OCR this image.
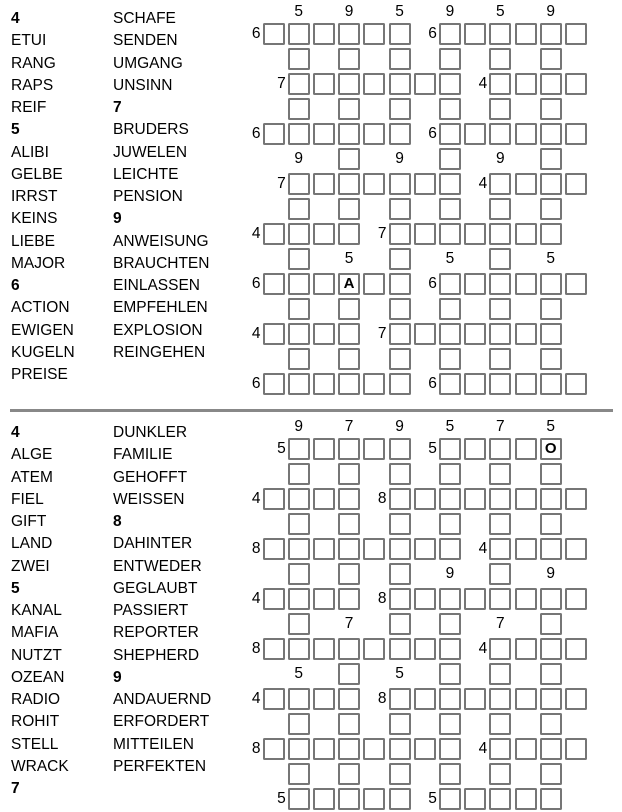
4
ETUI
RANG
RAPS
REIF
5
ALIBI
GELBE
IRRST
KEINS
LIEBE
MAJOR
6
ACTION
EWIGEN
KUGELN
PREISE
SCHAFE
SENDEN
UMGANG
UNSINN
7
BRUDERS
JUWELEN
LEICHTE
PENSION
9
ANWEISUNG
BRAUCHTEN
EINLASSEN
EMPFEHLEN
EXPLOSION
REINGEHEN
5	9	5	9	5	9
6	6
7	4
6	6
9	9	9
7	4
4	7
5	5	5
6	A	6
4	7
6	6
4
ALGE
ATEM
FIEL
GIFT
LAND
ZWEI
5
KANAL
MAFIA
NUTZT
OZEAN
RADIO
ROHIT
STELL
WRACK
7
DUNKLER
FAMILIE
GEHOFFT
WEISSEN
8
DAHINTER
ENTWEDER
GEGLAUBT
PASSIERT
REPORTER
SHEPHERD
9
ANDAUERND
ERFORDERT
MITTEILEN
PERFEKTEN
9	7	9	5	7	5
5	5	O
4	8
8	4
9	9
4	8
7	7
8	4
5	5
4	8
8	4
5	5
